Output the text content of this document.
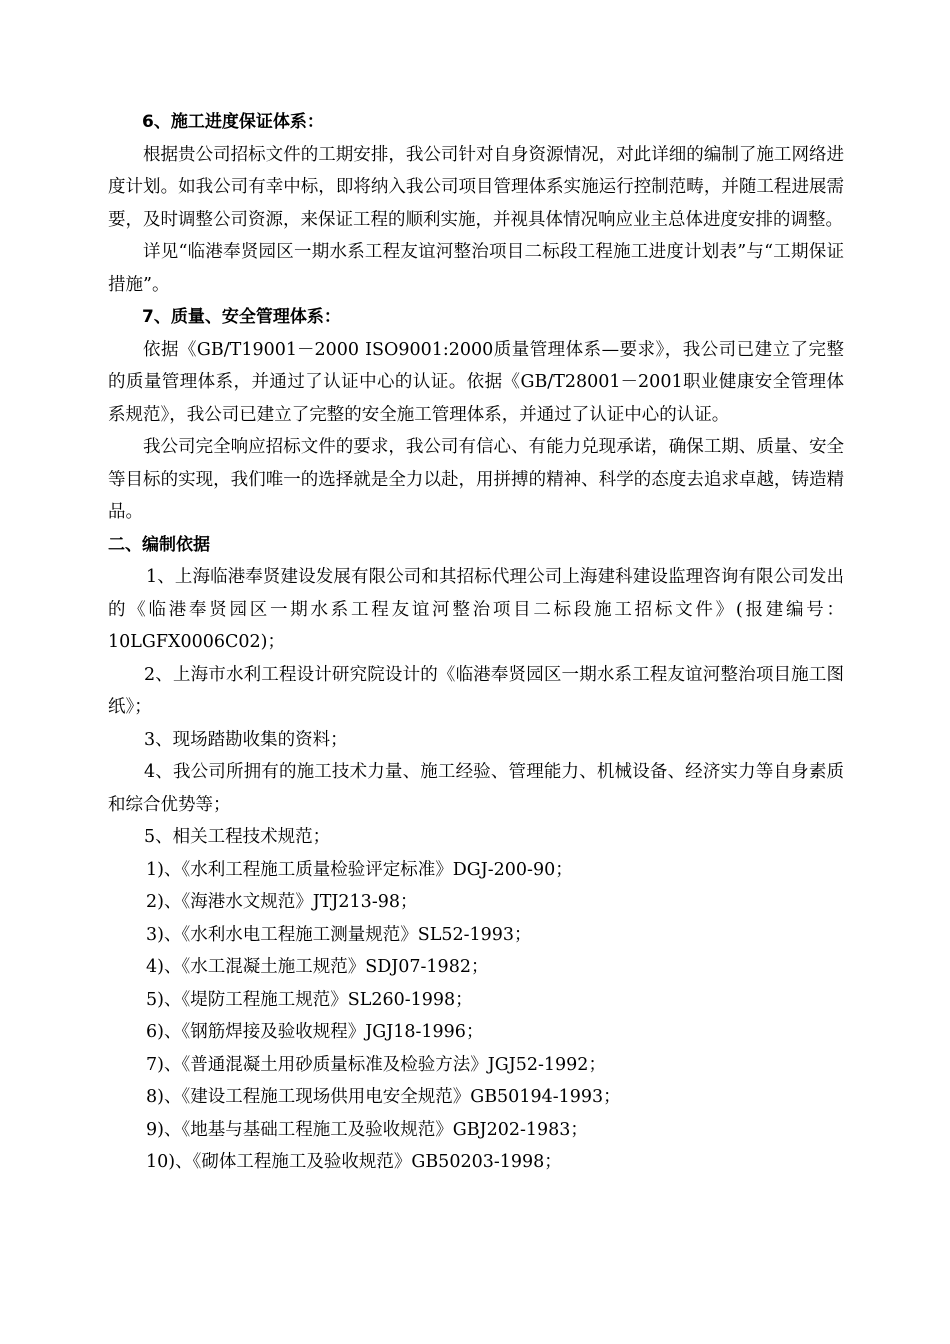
6、施工进度保证体系：

根据贵公司招标文件的工期安排，我公司针对自身资源情况，对此详细的编制了施工网络进度计划。如我公司有幸中标，即将纳入我公司项目管理体系实施运行控制范畴，并随工程进展需要，及时调整公司资源，来保证工程的顺利实施，并视具体情况响应业主总体进度安排的调整。

详见“临港奉贤园区一期水系工程友谊河整治项目二标段工程施工进度计划表”与“工期保证措施”。

7、质量、安全管理体系：

依据《GB/T19001－2000 ISO9001:2000质量管理体系—要求》，我公司已建立了完整的质量管理体系，并通过了认证中心的认证。依据《GB/T28001－2001职业健康安全管理体系规范》，我公司已建立了完整的安全施工管理体系，并通过了认证中心的认证。

我公司完全响应招标文件的要求，我公司有信心、有能力兑现承诺，确保工期、质量、安全等目标的实现，我们唯一的选择就是全力以赴，用拼搏的精神、科学的态度去追求卓越，铸造精品。

二、编制依据

1、上海临港奉贤建设发展有限公司和其招标代理公司上海建科建设监理咨询有限公司发出的《临港奉贤园区一期水系工程友谊河整治项目二标段施工招标文件》(报建编号：10LGFX0006C02)；

2、上海市水利工程设计研究院设计的《临港奉贤园区一期水系工程友谊河整治项目施工图纸》；

3、现场踏勘收集的资料；

4、我公司所拥有的施工技术力量、施工经验、管理能力、机械设备、经济实力等自身素质和综合优势等；

5、相关工程技术规范；

1)、《水利工程施工质量检验评定标准》DGJ-200-90；

2)、《海港水文规范》JTJ213-98；

3)、《水利水电工程施工测量规范》SL52-1993；

4)、《水工混凝土施工规范》SDJ07-1982；

5)、《堤防工程施工规范》SL260-1998；

6)、《钢筋焊接及验收规程》JGJ18-1996；

7)、《普通混凝土用砂质量标准及检验方法》JGJ52-1992；

8)、《建设工程施工现场供用电安全规范》GB50194-1993；

9)、《地基与基础工程施工及验收规范》GBJ202-1983；

10)、《砌体工程施工及验收规范》GB50203-1998；
